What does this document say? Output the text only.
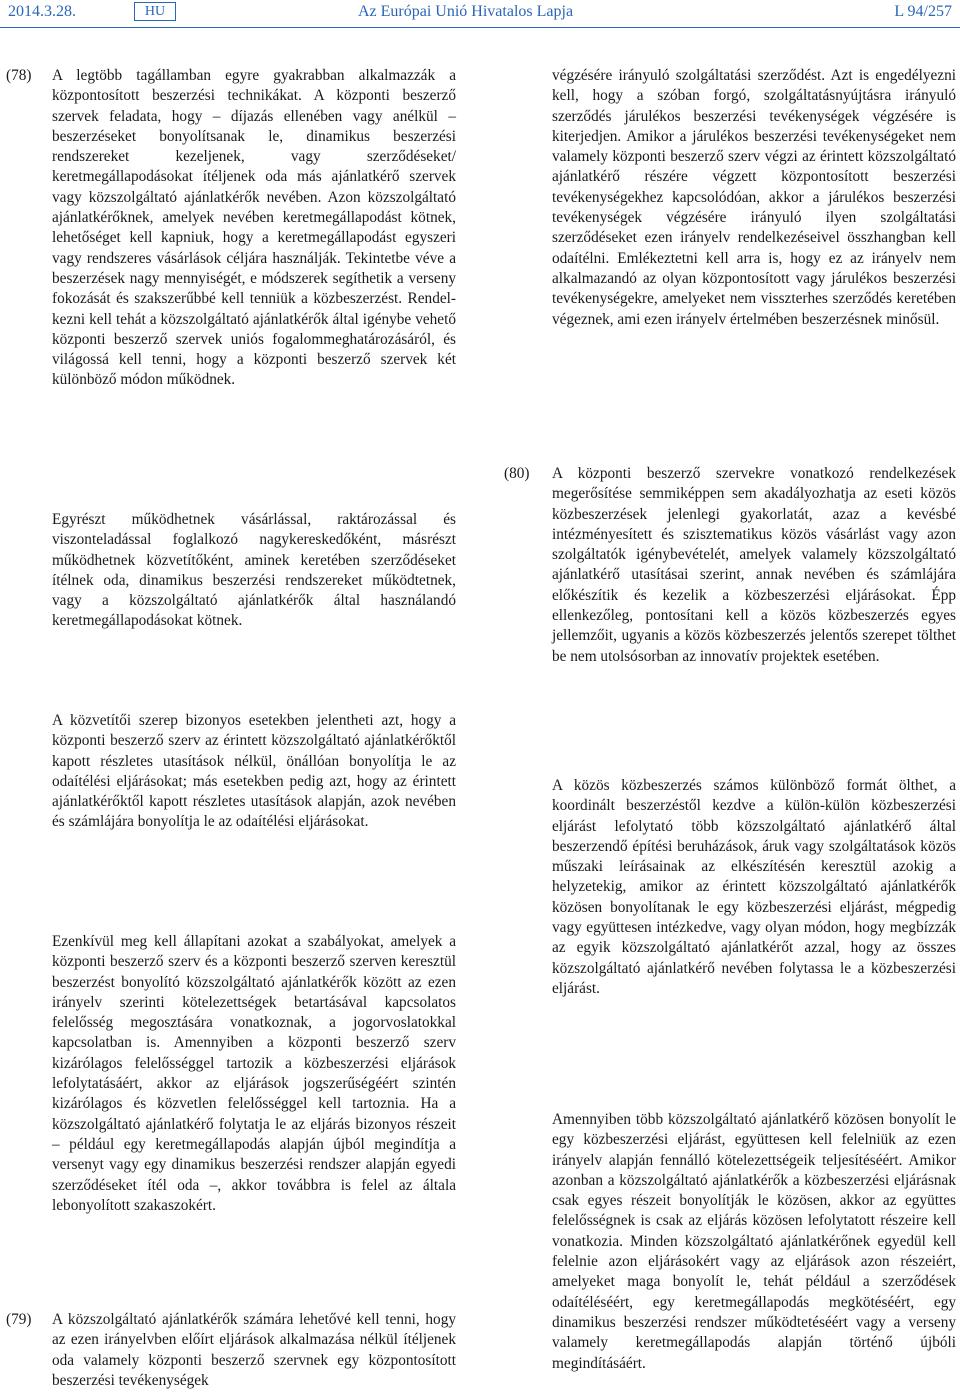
2014.3.28.	HU	Az Európai Unió Hivatalos Lapja	L 94/257
(78) A legtöbb tagállamban egyre gyakrabban alkalmazzák a központosított beszerzési technikákat. A központi beszerző szervek feladata, hogy – díjazás ellenében vagy anélkül – beszerzéseket bonyolítsanak le, dinamikus beszerzési rendszereket kezeljenek, vagy szerződéseket/ keretmegállapodásokat ítéljenek oda más ajánlatkérő szervek vagy közszolgáltató ajánlatkérők nevében. Azon közszolgáltató ajánlatkérőknek, amelyek nevében keretmegállapodást kötnek, lehetőséget kell kapniuk, hogy a keretmegállapodást egyszeri vagy rendszeres vásárlások céljára használják. Tekintetbe véve a beszerzések nagy mennyiségét, e módszerek segíthetik a verseny fokozását és szakszerűbbé kell tenniük a közbeszerzést. Rendelkezni kell tehát a közszolgáltató ajánlatkérők által igénybe vehető központi beszerző szervek uniós fogalommeghatározásáról, és világossá kell tenni, hogy a központi beszerző szervek két különböző módon működnek.
Egyrészt működhetnek vásárlással, raktározással és viszonteladással foglalkozó nagykereskedőként, másrészt működhetnek közvetítőként, aminek keretében szerződéseket ítélnek oda, dinamikus beszerzési rendszereket működtetnek, vagy a közszolgáltató ajánlatkérők által használandó keretmegállapodásokat kötnek.
A közvetítői szerep bizonyos esetekben jelentheti azt, hogy a központi beszerző szerv az érintett közszolgáltató ajánlatkérőktől kapott részletes utasítások nélkül, önállóan bonyolítja le az odaítélési eljárásokat; más esetekben pedig azt, hogy az érintett ajánlatkérőktől kapott részletes utasítások alapján, azok nevében és számlájára bonyolítja le az odaítélési eljárásokat.
Ezenkívül meg kell állapítani azokat a szabályokat, amelyek a központi beszerző szerv és a központi beszerző szerven keresztül beszerzést bonyolító közszolgáltató ajánlatkérők között az ezen irányelv szerinti kötelezettségek betartásával kapcsolatos felelősség megosztására vonatkoznak, a jogorvoslatokkal kapcsolatban is. Amennyiben a központi beszerző szerv kizárólagos felelősséggel tartozik a közbeszerzési eljárások lefolytatásáért, akkor az eljárások jogszerűségéért szintén kizárólagos és közvetlen felelősséggel kell tartoznia. Ha a közszolgáltató ajánlatkérő folytatja le az eljárás bizonyos részeit – például egy keretmegállapodás alapján újból megindítja a versenyt vagy egy dinamikus beszerzési rendszer alapján egyedi szerződéseket ítél oda –, akkor továbbra is felel az általa lebonyolított szakaszokért.
(79) A közszolgáltató ajánlatkérők számára lehetővé kell tenni, hogy az ezen irányelvben előírt eljárások alkalmazása nélkül ítéljenek oda valamely központi beszerző szervnek egy központosított beszerzési tevékenységek
végzésére irányuló szolgáltatási szerződést. Azt is engedélyezni kell, hogy a szóban forgó, szolgáltatásnyújtásra irányuló szerződés járulékos beszerzési tevékenységek végzésére is kiterjedjen. Amikor a járulékos beszerzési tevékenységeket nem valamely központi beszerző szerv végzi az érintett közszolgáltató ajánlatkérő részére végzett központosított beszerzési tevékenységekhez kapcsolódóan, akkor a járulékos beszerzési tevékenységek végzésére irányuló ilyen szolgáltatási szerződéseket ezen irányelv rendelkezéseivel összhangban kell odaítélni. Emlékeztetni kell arra is, hogy ez az irányelv nem alkalmazandó az olyan központosított vagy járulékos beszerzési tevékenységekre, amelyeket nem visszterhes szerződés keretében végeznek, ami ezen irányelv értelmében beszerzésnek minősül.
(80) A központi beszerző szervekre vonatkozó rendelkezések megerősítése semmiképpen sem akadályozhatja az eseti közös közbeszerzések jelenlegi gyakorlatát, azaz a kevésbé intézményesített és szisztematikus közös vásárlást vagy azon szolgáltatók igénybevételét, amelyek valamely közszolgáltató ajánlatkérő utasításai szerint, annak nevében és számlájára előkészítik és kezelik a közbeszerzési eljárásokat. Épp ellenkezőleg, pontosítani kell a közös közbeszerzés egyes jellemzőit, ugyanis a közös közbeszerzés jelentős szerepet tölthet be nem utolsósorban az innovatív projektek esetében.
A közös közbeszerzés számos különböző formát ölthet, a koordinált beszerzéstől kezdve a külön-külön közbeszerzési eljárást lefolytató több közszolgáltató ajánlatkérő által beszerzendő építési beruházások, áruk vagy szolgáltatások közös műszaki leírásainak az elkészítésén keresztül azokig a helyzetekig, amikor az érintett közszolgáltató ajánlatkérők közösen bonyolítanak le egy közbeszerzési eljárást, mégpedig vagy együttesen intézkedve, vagy olyan módon, hogy megbízzák az egyik közszolgáltató ajánlatkérőt azzal, hogy az összes közszolgáltató ajánlatkérő nevében folytassa le a közbeszerzési eljárást.
Amennyiben több közszolgáltató ajánlatkérő közösen bonyolít le egy közbeszerzési eljárást, együttesen kell felelniük az ezen irányelv alapján fennálló kötelezettségeik teljesítéséért. Amikor azonban a közszolgáltató ajánlatkérők a közbeszerzési eljárásnak csak egyes részeit bonyolítják le közösen, akkor az együttes felelősségnek is csak az eljárás közösen lefolytatott részeire kell vonatkozia. Minden közszolgáltató ajánlatkérőnek egyedül kell felelnie azon eljárásokért vagy az eljárások azon részeiért, amelyeket maga bonyolít le, tehát például a szerződések odaítéléséért, egy keretmegállapodás megkötéséért, egy dinamikus beszerzési rendszer működtetéséért vagy a verseny valamely keretmegállapodás alapján történő újbóli megindításáért.
